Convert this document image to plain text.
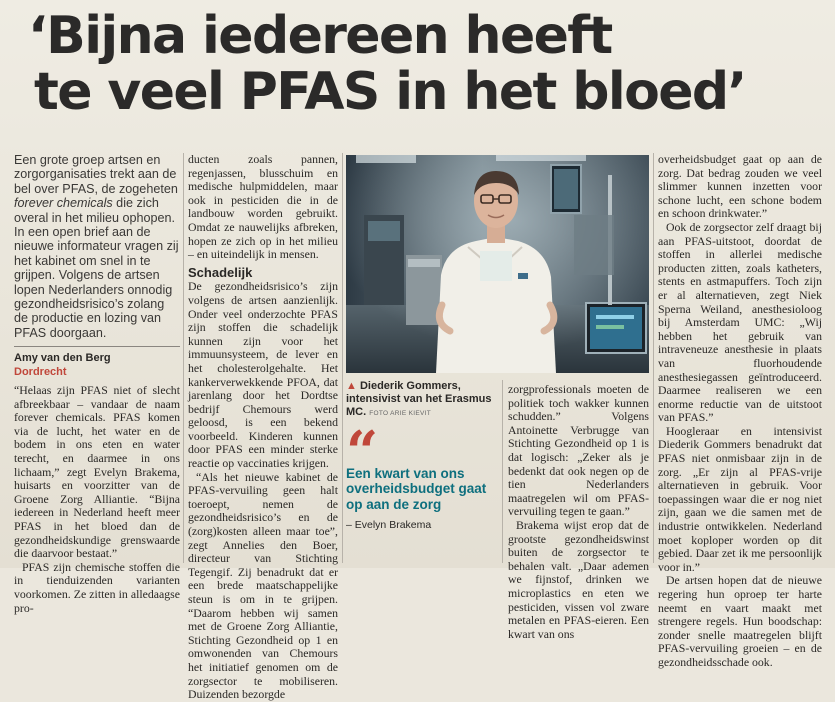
‘Bijna iedereen heeft
te veel PFAS in het bloed’
Een grote groep artsen en zorgorganisaties trekt aan de bel over PFAS, de zogeheten forever chemicals die zich overal in het milieu ophopen. In een open brief aan de nieuwe informateur vragen zij het kabinet om snel in te grijpen. Volgens de artsen lopen Nederlanders onnodig gezondheidsrisico’s zolang de productie en lozing van PFAS doorgaan.
Amy van den Berg
Dordrecht

“Helaas zijn PFAS niet of slecht afbreekbaar – vandaar de naam forever chemicals. PFAS komen via de lucht, het water en de bodem in ons eten en water terecht, en daarmee in ons lichaam,” zegt Evelyn Brakema, huisarts en voorzitter van de Groene Zorg Alliantie. “Bijna iedereen in Nederland heeft meer PFAS in het bloed dan de gezondheidskundige grenswaarde die daarvoor bestaat.”

PFAS zijn chemische stoffen die in tienduizenden varianten voorkomen. Ze zitten in alledaagse pro-

ducten zoals pannen, regenjassen, blusschuim en medische hulpmiddelen, maar ook in pesticiden die in de landbouw worden gebruikt. Omdat ze nauwelijks afbreken, hopen ze zich op in het milieu – en uiteindelijk in mensen.

Schadelijk

De gezondheidsrisico’s zijn volgens de artsen aanzienlijk. Onder veel onderzochte PFAS zijn stoffen die schadelijk kunnen zijn voor het immuunsysteem, de lever en het cholesterolgehalte. Het kankerverwekkende PFOA, dat jarenlang door het Dordtse bedrijf Chemours werd geloosd, is een bekend voorbeeld. Kinderen kunnen door PFAS een minder sterke reactie op vaccinaties krijgen.

“Als het nieuwe kabinet de PFAS-vervuiling geen halt toeroept, nemen de gezondheidsrisico’s en de (zorg)kosten alleen maar toe”, zegt Annelies den Boer, directeur van Stichting Tegengif. Zij benadrukt dat er een brede maatschappelijke steun is om in te grijpen. “Daarom hebben wij samen met de Groene Zorg Alliantie, Stichting Gezondheid op 1 en omwonenden van Chemours het initiatief genomen om de zorgsector te mobiliseren. Duizenden bezorgde

▲ Diederik Gommers, intensivist van het Erasmus MC. FOTO ARIE KIEVIT
“
Een kwart van ons overheidsbudget gaat op aan de zorg
– Evelyn Brakema

zorgprofessionals moeten de politiek toch wakker kunnen schudden.” Volgens Antoinette Verbrugge van Stichting Gezondheid op 1 is dat logisch: „Zeker als je bedenkt dat ook negen op de tien Nederlanders maatregelen wil om PFAS-vervuiling tegen te gaan.”

Brakema wijst erop dat de grootste gezondheidswinst buiten de zorgsector te behalen valt. „Daar ademen we fijnstof, drinken we microplastics en eten we pesticiden, vissen vol zware metalen en PFAS-eieren. Een kwart van ons

overheidsbudget gaat op aan de zorg. Dat bedrag zouden we veel slimmer kunnen inzetten voor schone lucht, een schone bodem en schoon drinkwater.”

Ook de zorgsector zelf draagt bij aan PFAS-uitstoot, doordat de stoffen in allerlei medische producten zitten, zoals katheters, stents en astmapuffers. Toch zijn er al alternatieven, zegt Niek Sperna Weiland, anesthesioloog bij Amsterdam UMC: „Wij hebben het gebruik van intraveneuze anesthesie in plaats van fluorhoudende anesthesiegassen geïntroduceerd. Daarmee realiseren we een enorme reductie van de uitstoot van PFAS.”

Hoogleraar en intensivist Diederik Gommers benadrukt dat PFAS niet onmisbaar zijn in de zorg. „Er zijn al PFAS-vrije alternatieven in gebruik. Voor toepassingen waar die er nog niet zijn, gaan we die samen met de industrie ontwikkelen. Nederland moet koploper worden op dit gebied. Daar zet ik me persoonlijk voor in.”

De artsen hopen dat de nieuwe regering hun oproep ter harte neemt en vaart maakt met strengere regels. Hun boodschap: zonder snelle maatregelen blijft PFAS-vervuiling groeien – en de gezondheidsschade ook.
